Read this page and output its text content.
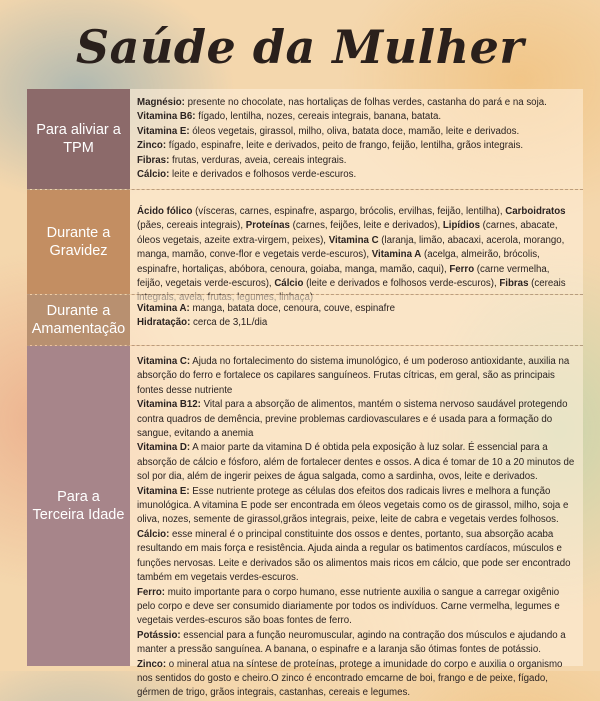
Saúde da Mulher
Para aliviar a TPM

Magnésio: presente no chocolate, nas hortaliças de folhas verdes, castanha do pará e na soja.

Vitamina B6: fígado, lentilha, nozes, cereais integrais, banana, batata.

Vitamina E: óleos vegetais, girassol, milho, oliva, batata doce, mamão, leite e derivados.

Zinco: fígado, espinafre, leite e derivados, peito de frango, feijão, lentilha, grãos integrais.

Fibras: frutas, verduras, aveia, cereais integrais.

Cálcio: leite e derivados e folhosos verde-escuros.

Durante a Gravidez

Ácido fólico (vísceras, carnes, espinafre, aspargo, brócolis, ervilhas, feijão, lentilha), Carboidratos (pães, cereais integrais), Proteínas (carnes, feijões, leite e derivados), Lipídios (carnes, abacate, óleos vegetais, azeite extra-virgem, peixes), Vitamina C (laranja, limão, abacaxi, acerola, morango, manga, mamão, conve-flor e vegetais verde-escuros), Vitamina A (acelga, almeirão, brócolis, espinafre, hortaliças, abóbora, cenoura, goiaba, manga, mamão, caqui), Ferro (carne vermelha, feijão, vegetais verde-escuros), Cálcio (leite e derivados e folhosos verde-escuros), Fibras (cereais

Durante a Amamentação

Vitamina A: manga, batata doce, cenoura, couve, espinafre

Hidratação: cerca de 3,1L/dia

Para a Terceira Idade

Vitamina C: Ajuda no fortalecimento do sistema imunológico, é um poderoso antioxidante, auxilia na absorção do ferro e fortalece os capilares sanguíneos. Frutas cítricas, em geral, são as principais fontes desse nutriente

Vitamina B12: Vital para a absorção de alimentos, mantém o sistema nervoso saudável protegendo contra quadros de demência, previne problemas cardiovasculares e é usada para a formação do sangue, evitando a anemia

Vitamina D: A maior parte da vitamina D é obtida pela exposição à luz solar. É essencial para a absorção de cálcio e fósforo, além de fortalecer dentes e ossos. A dica é tomar de 10 a 20 minutos de sol por dia, além de ingerir peixes de água salgada, como a sardinha, ovos, leite e derivados.

Vitamina E: Esse nutriente protege as células dos efeitos dos radicais livres e melhora a função imunológica. A vitamina E pode ser encontrada em óleos vegetais como os de girassol, milho, soja e oliva, nozes, semente de girassol,grãos integrais, peixe, leite de cabra e vegetais verdes folhosos.

Cálcio: esse mineral é o principal constituinte dos ossos e dentes, portanto, sua absorção acaba resultando em mais força e resistência. Ajuda ainda a regular os batimentos cardíacos, músculos e funções nervosas. Leite e derivados são os alimentos mais ricos em cálcio, que pode ser encontrado também em vegetais verdes-escuros.

Ferro: muito importante para o corpo humano, esse nutriente auxilia o sangue a carregar oxigênio pelo corpo e deve ser consumido diariamente por todos os indivíduos. Carne vermelha, legumes e vegetais verdes-escuros são boas fontes de ferro.

Potássio: essencial para a função neuromuscular, agindo na contração dos músculos e ajudando a manter a pressão sanguínea. A banana, o espinafre e a laranja são ótimas fontes de potássio.

Zinco: o mineral atua na síntese de proteínas, protege a imunidade do corpo e auxilia o organismo nos sentidos do gosto e cheiro.O zinco é encontrado emcarne de boi, frango e de peixe, fígado, gérmen de trigo, grãos integrais, castanhas, cereais e legumes.
